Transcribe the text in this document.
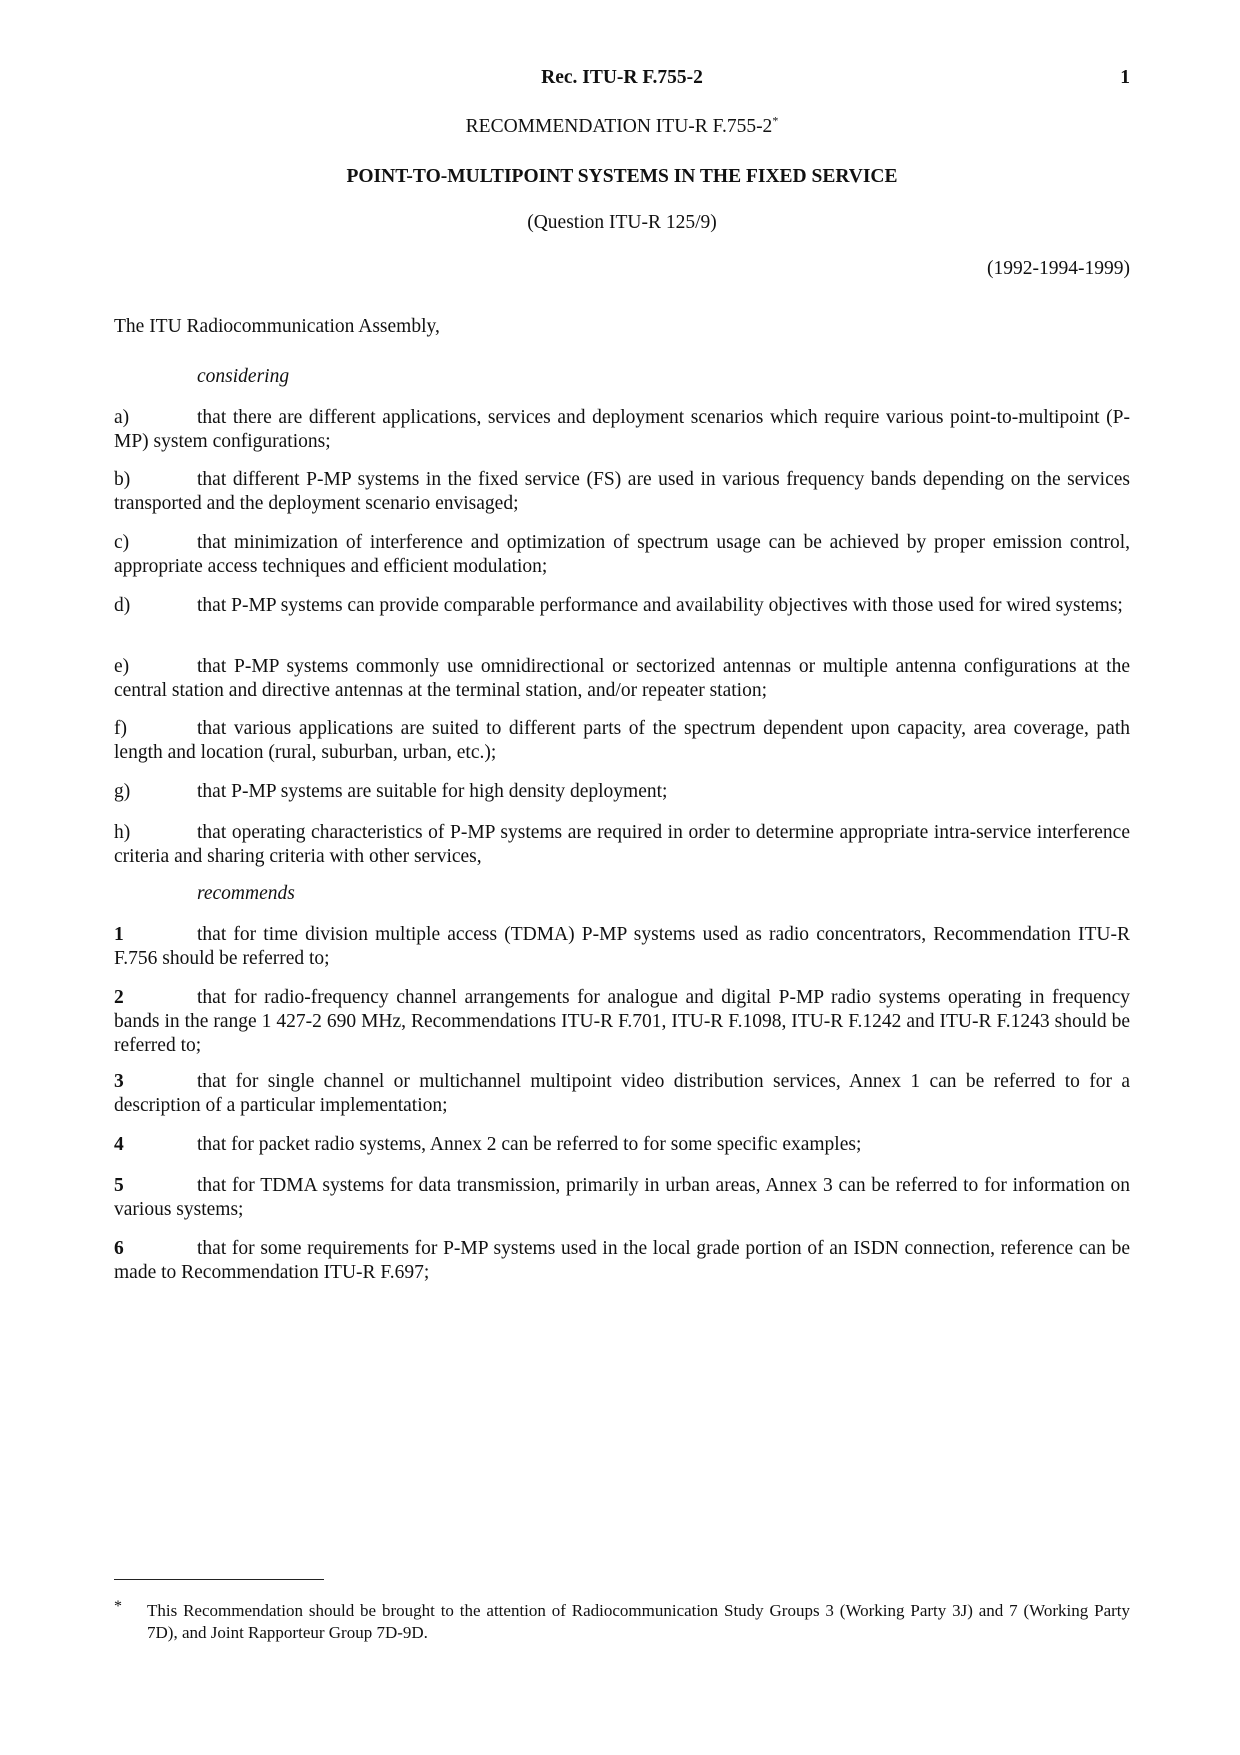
Rec. ITU-R F.755-2	1
RECOMMENDATION ITU-R F.755-2*
POINT-TO-MULTIPOINT SYSTEMS IN THE FIXED SERVICE
(Question ITU-R 125/9)
(1992-1994-1999)
The ITU Radiocommunication Assembly,
considering
a)	that there are different applications, services and deployment scenarios which require various point-to-multipoint (P-MP) system configurations;
b)	that different P-MP systems in the fixed service (FS) are used in various frequency bands depending on the services transported and the deployment scenario envisaged;
c)	that minimization of interference and optimization of spectrum usage can be achieved by proper emission control, appropriate access techniques and efficient modulation;
d)	that P-MP systems can provide comparable performance and availability objectives with those used for wired systems;
e)	that P-MP systems commonly use omnidirectional or sectorized antennas or multiple antenna configurations at the central station and directive antennas at the terminal station, and/or repeater station;
f)	that various applications are suited to different parts of the spectrum dependent upon capacity, area coverage, path length and location (rural, suburban, urban, etc.);
g)	that P-MP systems are suitable for high density deployment;
h)	that operating characteristics of P-MP systems are required in order to determine appropriate intra-service interference criteria and sharing criteria with other services,
recommends
1	that for time division multiple access (TDMA) P-MP systems used as radio concentrators, Recommendation ITU-R F.756 should be referred to;
2	that for radio-frequency channel arrangements for analogue and digital P-MP radio systems operating in frequency bands in the range 1 427-2 690 MHz, Recommendations ITU-R F.701, ITU-R F.1098, ITU-R F.1242 and ITU-R F.1243 should be referred to;
3	that for single channel or multichannel multipoint video distribution services, Annex 1 can be referred to for a description of a particular implementation;
4	that for packet radio systems, Annex 2 can be referred to for some specific examples;
5	that for TDMA systems for data transmission, primarily in urban areas, Annex 3 can be referred to for information on various systems;
6	that for some requirements for P-MP systems used in the local grade portion of an ISDN connection, reference can be made to Recommendation ITU-R F.697;
* This Recommendation should be brought to the attention of Radiocommunication Study Groups 3 (Working Party 3J) and 7 (Working Party 7D), and Joint Rapporteur Group 7D-9D.
